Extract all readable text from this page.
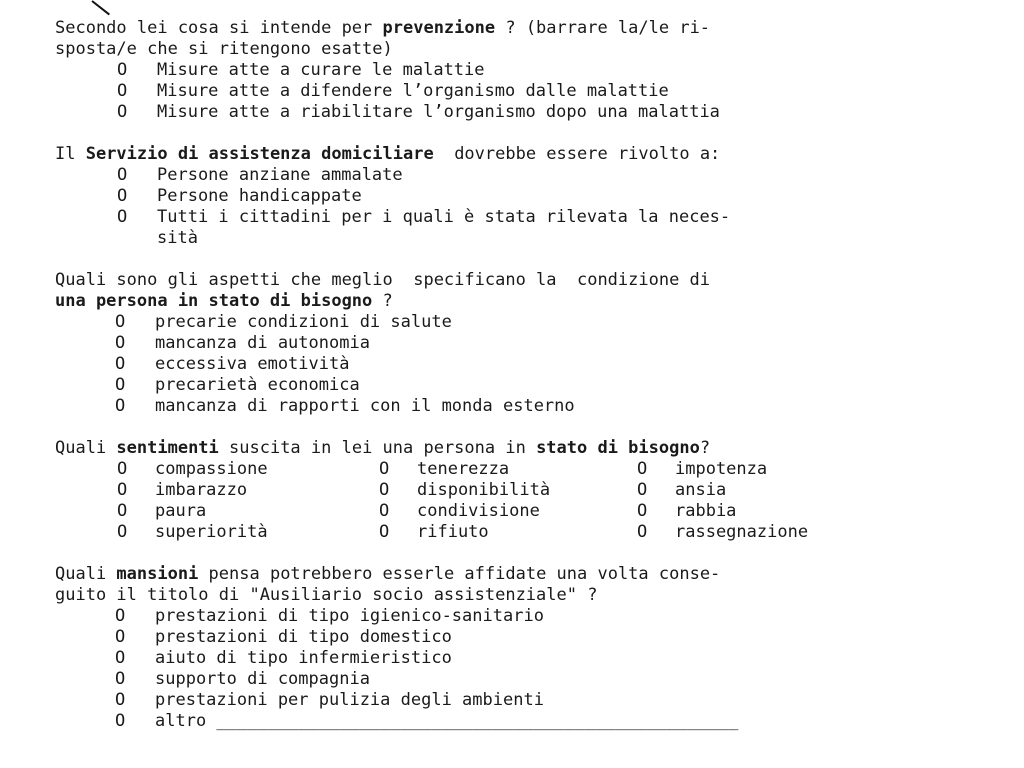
Secondo lei cosa si intende per prevenzione ? (barrare la/le ri-

sposta/e che si ritengono esatte)

O	Misure atte a curare le malattie
O	Misure atte a difendere l’organismo dalle malattie
O	Misure atte a riabilitare l’organismo dopo una malattia

Il Servizio di assistenza domiciliare  dovrebbe essere rivolto a:

O	Persone anziane ammalate
O	Persone handicappate
O	Tutti i cittadini per i quali è stata rilevata la neces-

sità

Quali sono gli aspetti che meglio  specificano la  condizione di

una persona in stato di bisogno ?

O	precarie condizioni di salute
O	mancanza di autonomia
O	eccessiva emotività
O	precarietà economica
O	mancanza di rapporti con il monda esterno

Quali sentimenti suscita in lei una persona in stato di bisogno?

O	compassione	O	tenerezza	O	impotenza
O	imbarazzo	O	disponibilità	O	ansia
O	paura	O	condivisione	O	rabbia
O	superiorità	O	rifiuto	O	rassegnazione

Quali mansioni pensa potrebbero esserle affidate una volta conse-

guito il titolo di "Ausiliario socio assistenziale" ?

O	prestazioni di tipo igienico-sanitario
O	prestazioni di tipo domestico
O	aiuto di tipo infermieristico
O	supporto di compagnia
O	prestazioni per pulizia degli ambienti
O	altro ___________________________________________________
